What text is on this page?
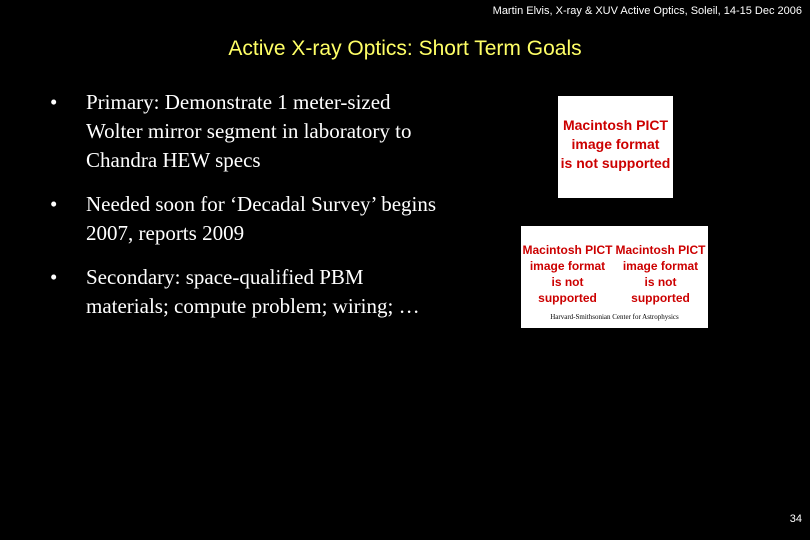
Martin Elvis, X-ray & XUV Active Optics, Soleil, 14-15 Dec 2006
Active X-ray Optics: Short Term Goals
•	Primary: Demonstrate 1 meter-sized Wolter mirror segment in laboratory to Chandra HEW specs
•	Needed soon for ‘Decadal Survey’ begins 2007, reports 2009
•	Secondary: space-qualified PBM materials; compute problem; wiring; …
Macintosh PICT
image format
is not supported
Macintosh PICT
image format
is not supported
Macintosh PICT
image format
is not supported
Harvard-Smithsonian Center for Astrophysics
34
